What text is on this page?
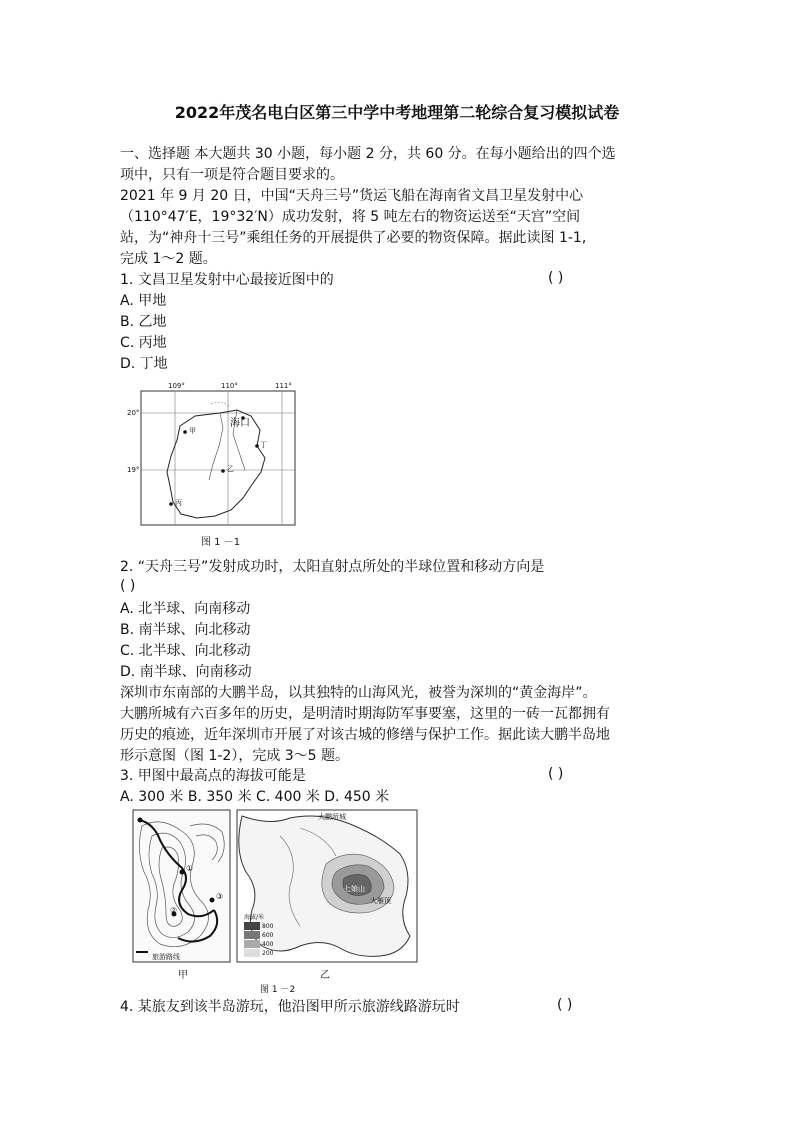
2022年茂名电白区第三中学中考地理第二轮综合复习模拟试卷
一、选择题 本大题共 30 小题，每小题 2 分，共 60 分。在每小题给出的四个选
项中，只有一项是符合题目要求的。
2021 年 9 月 20 日，中国“天舟三号”货运飞船在海南省文昌卫星发射中心
（110°47′E，19°32′N）成功发射，将 5 吨左右的物资运送至“天宫”空间
站，为“神舟十三号”乘组任务的开展提供了必要的物资保障。据此读图 1-1,
完成 1～2 题。
1. 文昌卫星发射中心最接近图中的	( )
A. 甲地
B. 乙地
C. 丙地
D. 丁地
109°	110°	111°
20°
19°
海口
甲
乙
丙
丁
图 1 －1
2. “天舟三号”发射成功时，太阳直射点所处的半球位置和移动方向是
( )
A. 北半球、向南移动
B. 南半球、向北移动
C. 北半球、向北移动
D. 南半球、向南移动
深圳市东南部的大鹏半岛，以其独特的山海风光，被誉为深圳的“黄金海岸”。
大鹏所城有六百多年的历史，是明清时期海防军事要塞，这里的一砖一瓦都拥有
历史的痕迹，近年深圳市开展了对该古城的修缮与保护工作。据此读大鹏半岛地
形示意图（图 1-2），完成 3～5 题。
3. 甲图中最高点的海拔可能是	( )
A. 300 米 B. 350 米 C. 400 米 D. 450 米
旅游路线
①
②
③
大鹏所城
七娘山
大雁顶
海拔/米
800
600
400
200
甲	乙
图 1 －2
4. 某旅友到该半岛游玩，他沿图甲所示旅游线路游玩时	( )
